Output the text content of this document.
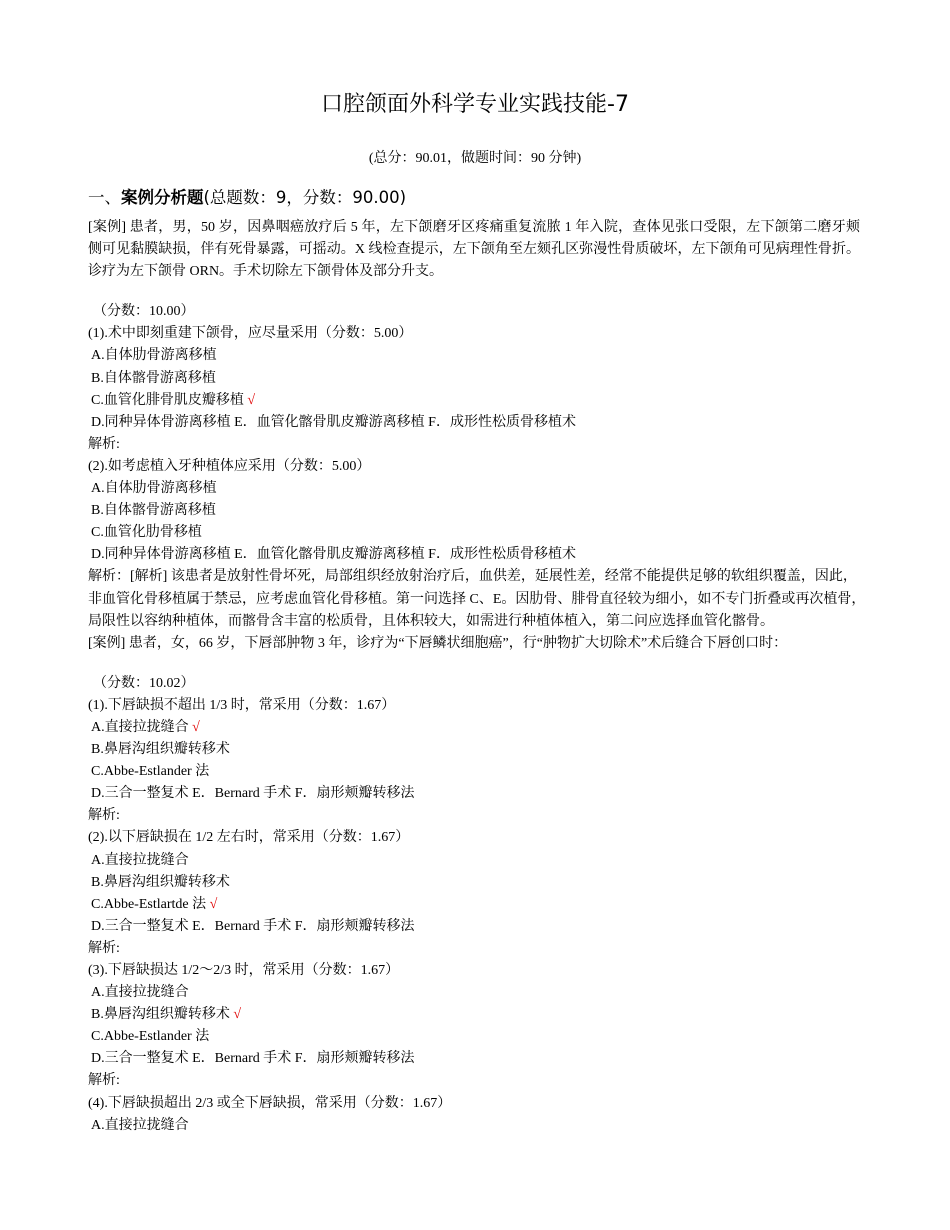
口腔颌面外科学专业实践技能-7
(总分：90.01，做题时间：90 分钟)
一、案例分析题(总题数：9，分数：90.00)
[案例] 患者，男，50 岁，因鼻咽癌放疗后 5 年，左下颌磨牙区疼痛重复流脓 1 年入院，查体见张口受限，左下颌第二磨牙颊侧可见黏膜缺损，伴有死骨暴露，可摇动。X 线检查提示，左下颌角至左颏孔区弥漫性骨质破坏，左下颌角可见病理性骨折。诊疗为左下颌骨 ORN。手术切除左下颌骨体及部分升支。
（分数：10.00）
(1).术中即刻重建下颌骨，应尽量采用（分数：5.00）
A.自体肋骨游离移植
B.自体髂骨游离移植
C.血管化腓骨肌皮瓣移植 √
D.同种异体骨游离移植 E．血管化髂骨肌皮瓣游离移植 F．成形性松质骨移植术
解析:
(2).如考虑植入牙种植体应采用（分数：5.00）
A.自体肋骨游离移植
B.自体髂骨游离移植
C.血管化肋骨移植
D.同种异体骨游离移植 E．血管化髂骨肌皮瓣游离移植 F．成形性松质骨移植术
解析：[解析] 该患者是放射性骨坏死，局部组织经放射治疗后，血供差，延展性差，经常不能提供足够的软组织覆盖，因此，
非血管化骨移植属于禁忌，应考虑血管化骨移植。第一问选择 C、E。因肋骨、腓骨直径较为细小，如不专门折叠或再次植骨，
局限性以容纳种植体，而髂骨含丰富的松质骨，且体积较大，如需进行种植体植入，第二问应选择血管化髂骨。
[案例] 患者，女，66 岁，下唇部肿物 3 年，诊疗为“下唇鳞状细胞癌”，行“肿物扩大切除术”术后缝合下唇创口时：
（分数：10.02）
(1).下唇缺损不超出 1/3 时，常采用（分数：1.67）
A.直接拉拢缝合 √
B.鼻唇沟组织瓣转移术
C.Abbe-Estlander 法
D.三合一整复术 E．Bernard 手术 F．扇形颊瓣转移法
解析:
(2).以下唇缺损在 1/2 左右时，常采用（分数：1.67）
A.直接拉拢缝合
B.鼻唇沟组织瓣转移术
C.Abbe-Estlartde 法 √
D.三合一整复术 E．Bernard 手术 F．扇形颊瓣转移法
解析:
(3).下唇缺损达 1/2～2/3 时，常采用（分数：1.67）
A.直接拉拢缝合
B.鼻唇沟组织瓣转移术 √
C.Abbe-Estlander 法
D.三合一整复术 E．Bernard 手术 F．扇形颊瓣转移法
解析:
(4).下唇缺损超出 2/3 或全下唇缺损，常采用（分数：1.67）
A.直接拉拢缝合
